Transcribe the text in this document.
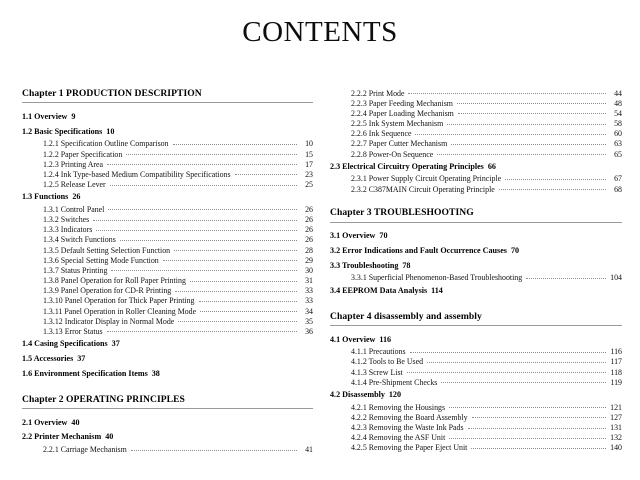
CONTENTS
Chapter 1 PRODUCTION DESCRIPTION
1.1 Overview 9
1.2 Basic Specifications 10
1.2.1 Specification Outline Comparison	10
1.2.2 Paper Specification	15
1.2.3 Printing Area	17
1.2.4 Ink Type-based Medium Compatibility Specifications	23
1.2.5 Release Lever	25
1.3 Functions 26
1.3.1 Control Panel	26
1.3.2 Switches	26
1.3.3 Indicators	26
1.3.4 Switch Functions	26
1.3.5 Default Setting Selection Function	28
1.3.6 Special Setting Mode Function	29
1.3.7 Status Printing	30
1.3.8 Panel Operation for Roll Paper Printing	31
1.3.9 Panel Operation for CD-R Printing	33
1.3.10 Panel Operation for Thick Paper Printing	33
1.3.11 Panel Operation in Roller Cleaning Mode	34
1.3.12 Indicator Display in Normal Mode	35
1.3.13 Error Status	36
1.4 Casing Specifications 37
1.5 Accessories 37
1.6 Environment Specification Items 38
Chapter 2 OPERATING PRINCIPLES
2.1 Overview 40
2.2 Printer Mechanism 40
2.2.1 Carriage Mechanism	41
2.2.2 Print Mode	44
2.2.3 Paper Feeding Mechanism	48
2.2.4 Paper Loading Mechanism	54
2.2.5 Ink System Mechanism	58
2.2.6 Ink Sequence	60
2.2.7 Paper Cutter Mechanism	63
2.2.8 Power-On Sequence	65
2.3 Electrical Circuitry Operating Principles 66
2.3.1 Power Supply Circuit Operating Principle	67
2.3.2 C387MAIN Circuit Operating Principle	68
Chapter 3 TROUBLESHOOTING
3.1 Overview 70
3.2 Error Indications and Fault Occurrence Causes 70
3.3 Troubleshooting 78
3.3.1 Superficial Phenomenon-Based Troubleshooting	104
3.4 EEPROM Data Analysis 114
Chapter 4 disassembly and assembly
4.1 Overview 116
4.1.1 Precautions	116
4.1.2 Tools to Be Used	117
4.1.3 Screw List	118
4.1.4 Pre-Shipment Checks	119
4.2 Disassembly 120
4.2.1 Removing the Housings	121
4.2.2 Removing the Board Assembly	127
4.2.3 Removing the Waste Ink Pads	131
4.2.4 Removing the ASF Unit	132
4.2.5 Removing the Paper Eject Unit	140
